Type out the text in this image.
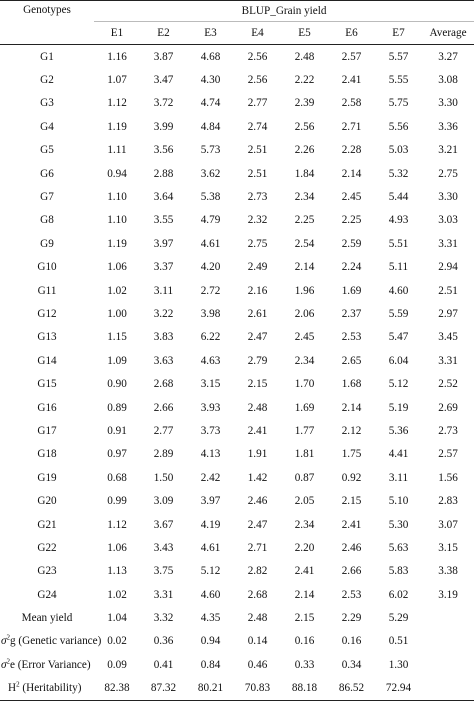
Genotypes	BLUP_Grain yield							
	E1	E2	E3	E4	E5	E6	E7	Average
G1	1.16	3.87	4.68	2.56	2.48	2.57	5.57	3.27
G2	1.07	3.47	4.30	2.56	2.22	2.41	5.55	3.08
G3	1.12	3.72	4.74	2.77	2.39	2.58	5.75	3.30
G4	1.19	3.99	4.84	2.74	2.56	2.71	5.56	3.36
G5	1.11	3.56	5.73	2.51	2.26	2.28	5.03	3.21
G6	0.94	2.88	3.62	2.51	1.84	2.14	5.32	2.75
G7	1.10	3.64	5.38	2.73	2.34	2.45	5.44	3.30
G8	1.10	3.55	4.79	2.32	2.25	2.25	4.93	3.03
G9	1.19	3.97	4.61	2.75	2.54	2.59	5.51	3.31
G10	1.06	3.37	4.20	2.49	2.14	2.24	5.11	2.94
G11	1.02	3.11	2.72	2.16	1.96	1.69	4.60	2.51
G12	1.00	3.22	3.98	2.61	2.06	2.37	5.59	2.97
G13	1.15	3.83	6.22	2.47	2.45	2.53	5.47	3.45
G14	1.09	3.63	4.63	2.79	2.34	2.65	6.04	3.31
G15	0.90	2.68	3.15	2.15	1.70	1.68	5.12	2.52
G16	0.89	2.66	3.93	2.48	1.69	2.14	5.19	2.69
G17	0.91	2.77	3.73	2.41	1.77	2.12	5.36	2.73
G18	0.97	2.89	4.13	1.91	1.81	1.75	4.41	2.57
G19	0.68	1.50	2.42	1.42	0.87	0.92	3.11	1.56
G20	0.99	3.09	3.97	2.46	2.05	2.15	5.10	2.83
G21	1.12	3.67	4.19	2.47	2.34	2.41	5.30	3.07
G22	1.06	3.43	4.61	2.71	2.20	2.46	5.63	3.15
G23	1.13	3.75	5.12	2.82	2.41	2.66	5.83	3.38
G24	1.02	3.31	4.60	2.68	2.14	2.53	6.02	3.19
Mean yield	1.04	3.32	4.35	2.48	2.15	2.29	5.29	
$\sigma^2g$ (Genetic variance)	0.02	0.36	0.94	0.14	0.16	0.16	0.51	
$\sigma^2e$ (Error Variance)	0.09	0.41	0.84	0.46	0.33	0.34	1.30	
$H^2$ (Heritability)	82.38	87.32	80.21	70.83	88.18	86.52	72.94	
